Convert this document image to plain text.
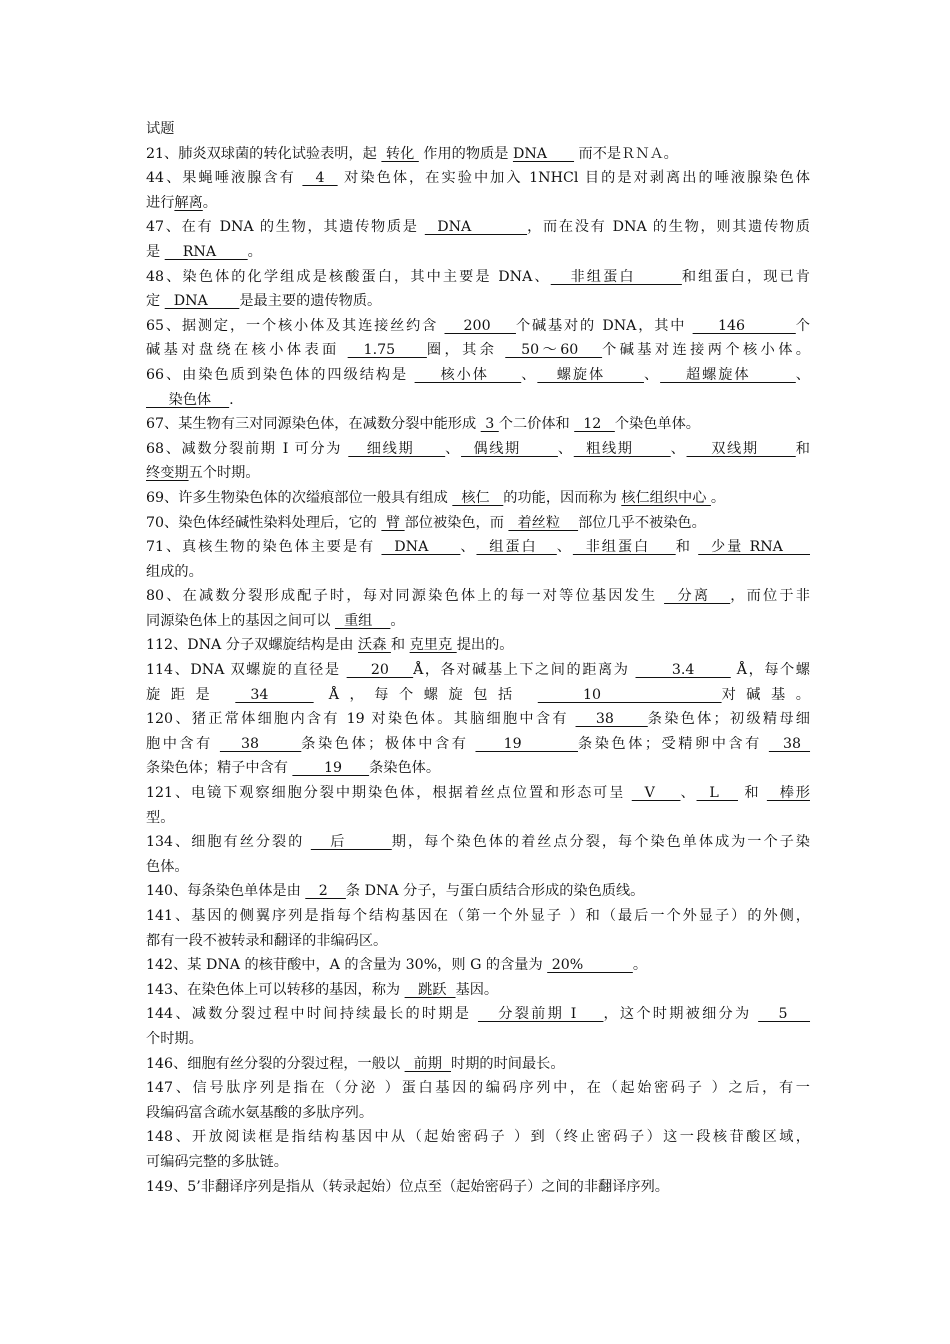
试题
21、肺炎双球菌的转化试验表明，起  转化  作用的物质是 DNA       而不是ＲＮＡ。
44、果蝇唾液腺含有   4   对染色体，在实验中加入 1NHCl 目的是对剥离出的唾液腺染色体
进行解离。
47、在有 DNA 的生物，其遗传物质是   DNA         ，而在没有 DNA 的生物，则其遗传物质
是     RNA       。
48、染色体的化学组成是核酸蛋白，其中主要是 DNA、   非组蛋白       和组蛋白，现已肯
定   DNA       是最主要的遗传物质。
65、据测定，一个核小体及其连接丝约含    200    个碱基对的 DNA，其中     146        个
碱基对盘绕在核小体表面   1.75    圈，其余   50～60   个碱基对连接两个核小体。
66、由染色质到染色体的四级结构是     核小体     、   螺旋体      、    超螺旋体       、
染色体    .
67、某生物有三对同源染色体，在减数分裂中能形成  3 个二价体和   12   个染色单体。
68、减数分裂前期 I 可分为    细线期     、  偶线期      、  粗线期      、    双线期      和
终变期五个时期。
69、许多生物染色体的次缢痕部位一般具有组成   核仁   的功能，因而称为 核仁组织中心 。
70、染色体经碱性染料处理后，它的  臂 部位被染色，而   着丝粒    部位几乎不被染色。
71、真核生物的染色体主要是有   DNA     、  组蛋白   、  非组蛋白    和   少量 RNA
组成的。
80、在减数分裂形成配子时，每对同源染色体上的每一对等位基因发生   分离   ，而位于非
同源染色体上的基因之间可以   重组    。
112、DNA 分子双螺旋结构是由 沃森 和 克里克 提出的。
114、DNA 双螺旋的直径是     20    Å，各对碱基上下之间的距离为       3.4       Å，每个螺
旋距是  34    Å，每个螺旋包括    10        对碱基。
120、猪正常体细胞内含有 19 对染色体。其脑细胞中含有    38     条染色体；初级精母细
胞中含有    38      条染色体；极体中含有     19        条染色体；受精卵中含有   38
条染色体；精子中含有        19      条染色体。
121、电镜下观察细胞分裂中期染色体，根据着丝点位置和形态可呈   V    、  L    和   棒形
型。
134、细胞有丝分裂的    后       期，每个染色体的着丝点分裂，每个染色单体成为一个子染
色体。
140、每条染色单体是由    2    条 DNA 分子，与蛋白质结合形成的染色质线。
141、基因的侧翼序列是指每个结构基因在（第一个外显子 ）和（最后一个外显子）的外侧，
都有一段不被转录和翻译的非编码区。
142、某 DNA 的核苷酸中，A 的含量为 30%，则 G 的含量为  20%           。
143、在染色体上可以转移的基因，称为    跳跃  基因。
144、减数分裂过程中时间持续最长的时期是    分裂前期 I    ，这个时期被细分为    5
个时期。
146、细胞有丝分裂的分裂过程，一般以   前期  时期的时间最长。
147、信号肽序列是指在（分泌 ）蛋白基因的编码序列中，在（起始密码子 ）之后，有一
段编码富含疏水氨基酸的多肽序列。
148、开放阅读框是指结构基因中从（起始密码子 ）到（终止密码子）这一段核苷酸区域，
可编码完整的多肽链。
149、5’非翻译序列是指从（转录起始）位点至（起始密码子）之间的非翻译序列。
